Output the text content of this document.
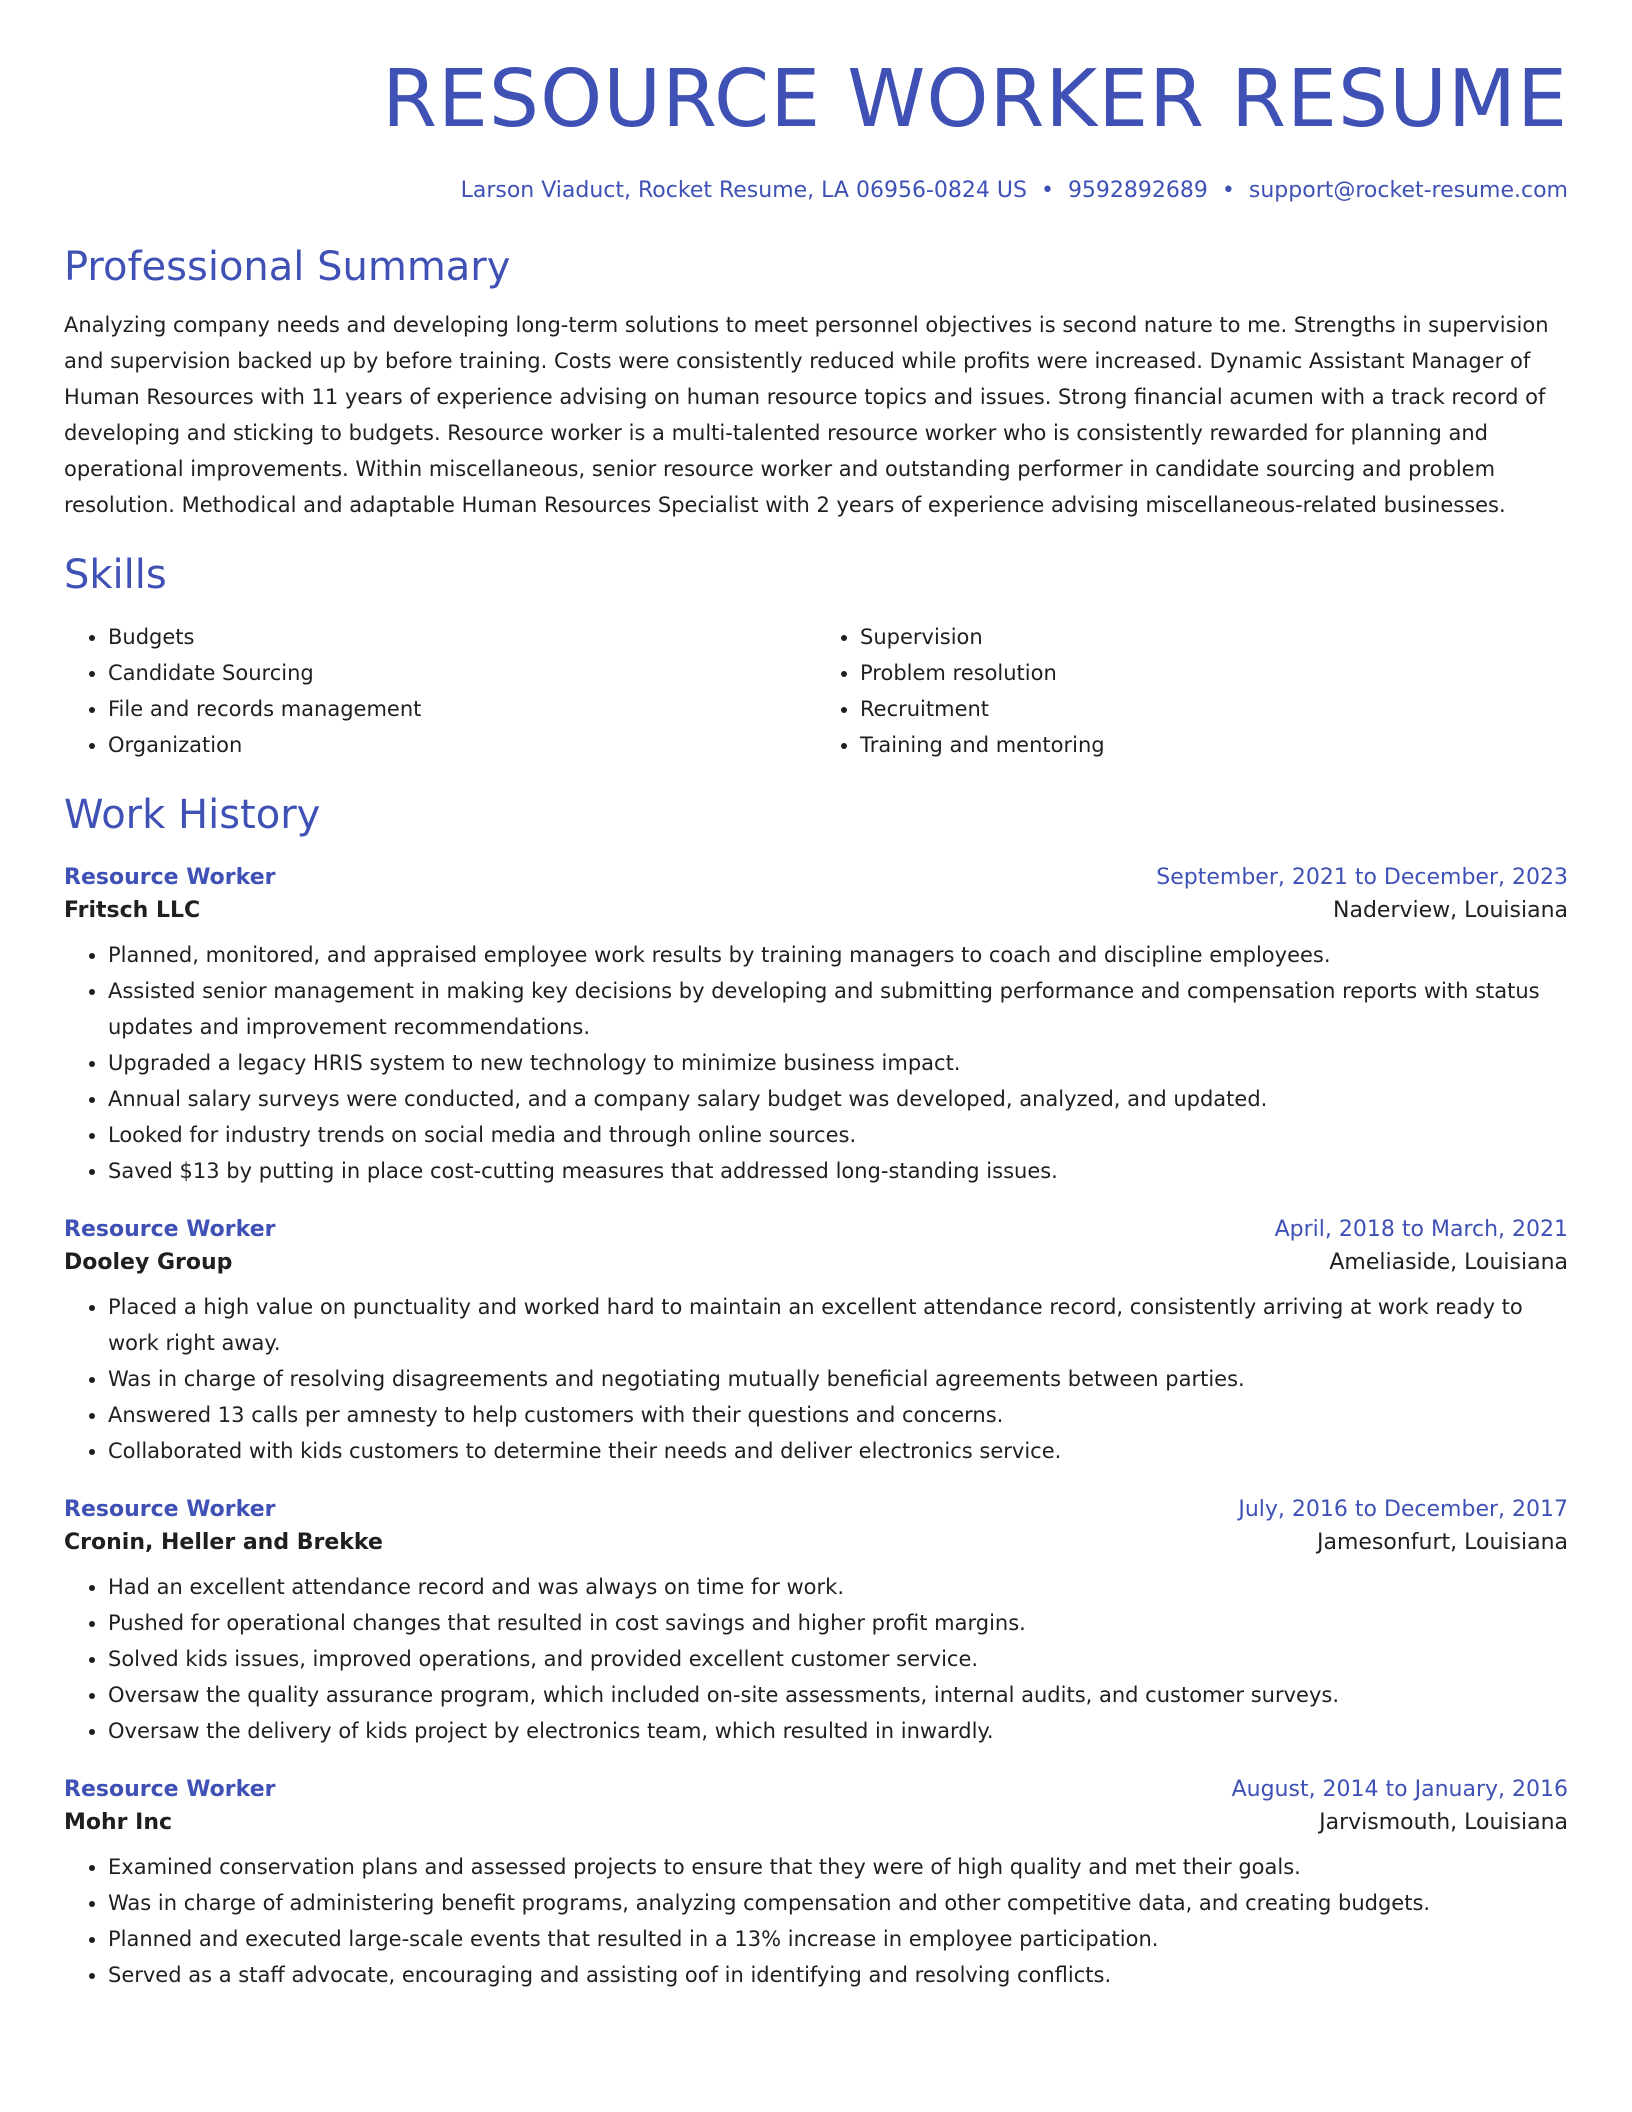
RESOURCE WORKER RESUME
Larson Viaduct, Rocket Resume, LA 06956-0824 US • 9592892689 • support@rocket-resume.com
Professional Summary

Analyzing company needs and developing long-term solutions to meet personnel objectives is second nature to me. Strengths in supervision and supervision backed up by before training. Costs were consistently reduced while profits were increased. Dynamic Assistant Manager of Human Resources with 11 years of experience advising on human resource topics and issues. Strong financial acumen with a track record of developing and sticking to budgets. Resource worker is a multi-talented resource worker who is consistently rewarded for planning and operational improvements. Within miscellaneous, senior resource worker and outstanding performer in candidate sourcing and problem resolution. Methodical and adaptable Human Resources Specialist with 2 years of experience advising miscellaneous-related businesses.

Skills
• Budgets
• Candidate Sourcing
• File and records management
• Organization
• Supervision
• Problem resolution
• Recruitment
• Training and mentoring
Work History
Resource Worker	September, 2021 to December, 2023
Fritsch LLC	Naderview, Louisiana
• Planned, monitored, and appraised employee work results by training managers to coach and discipline employees.
• Assisted senior management in making key decisions by developing and submitting performance and compensation reports with status updates and improvement recommendations.
• Upgraded a legacy HRIS system to new technology to minimize business impact.
• Annual salary surveys were conducted, and a company salary budget was developed, analyzed, and updated.
• Looked for industry trends on social media and through online sources.
• Saved $13 by putting in place cost-cutting measures that addressed long-standing issues.
Resource Worker	April, 2018 to March, 2021
Dooley Group	Ameliaside, Louisiana
• Placed a high value on punctuality and worked hard to maintain an excellent attendance record, consistently arriving at work ready to work right away.
• Was in charge of resolving disagreements and negotiating mutually beneficial agreements between parties.
• Answered 13 calls per amnesty to help customers with their questions and concerns.
• Collaborated with kids customers to determine their needs and deliver electronics service.
Resource Worker	July, 2016 to December, 2017
Cronin, Heller and Brekke	Jamesonfurt, Louisiana
• Had an excellent attendance record and was always on time for work.
• Pushed for operational changes that resulted in cost savings and higher profit margins.
• Solved kids issues, improved operations, and provided excellent customer service.
• Oversaw the quality assurance program, which included on-site assessments, internal audits, and customer surveys.
• Oversaw the delivery of kids project by electronics team, which resulted in inwardly.
Resource Worker	August, 2014 to January, 2016
Mohr Inc	Jarvismouth, Louisiana
• Examined conservation plans and assessed projects to ensure that they were of high quality and met their goals.
• Was in charge of administering benefit programs, analyzing compensation and other competitive data, and creating budgets.
• Planned and executed large-scale events that resulted in a 13% increase in employee participation.
• Served as a staff advocate, encouraging and assisting oof in identifying and resolving conflicts.
